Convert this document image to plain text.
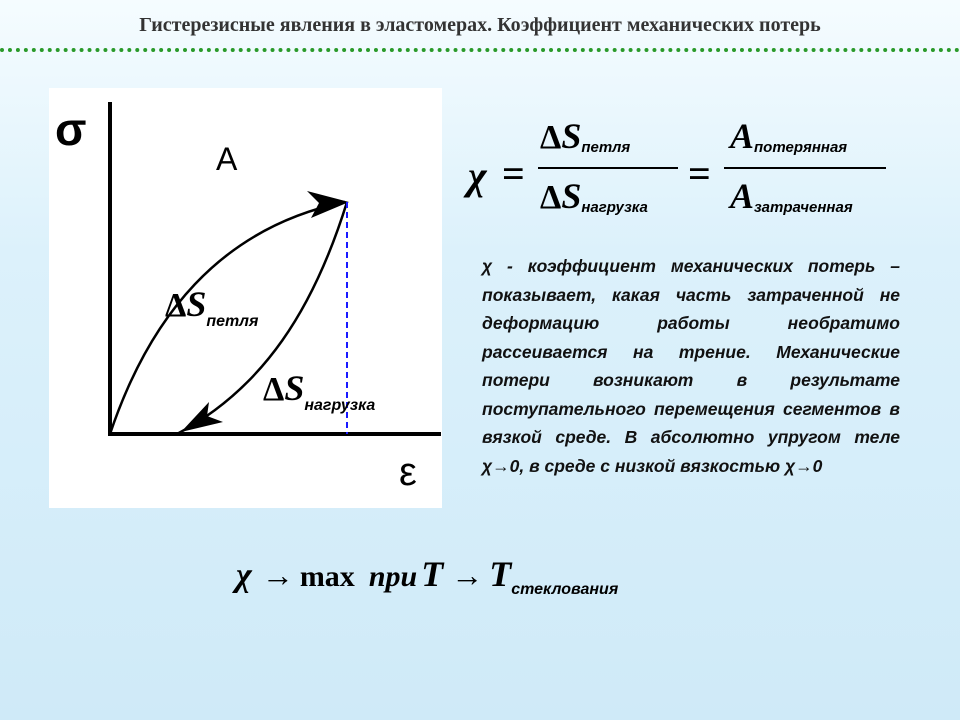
Гистерезисные явления в эластомерах. Коэффициент механических потерь
σ
ε
A
ΔSпетля
ΔSнагрузка
χ =
ΔSпетля
ΔSнагрузка
=
Aпотерянная
Aзатраченная
χ - коэффициент механических потерь – показывает, какая часть затраченной не деформацию работы необратимо рассеивается на трение. Механические потери возникают в результате поступательного перемещения сегментов в вязкой среде. В абсолютно упругом теле χ→0, в среде с низкой вязкостью χ→0
χ → max при T → Tстеклования
